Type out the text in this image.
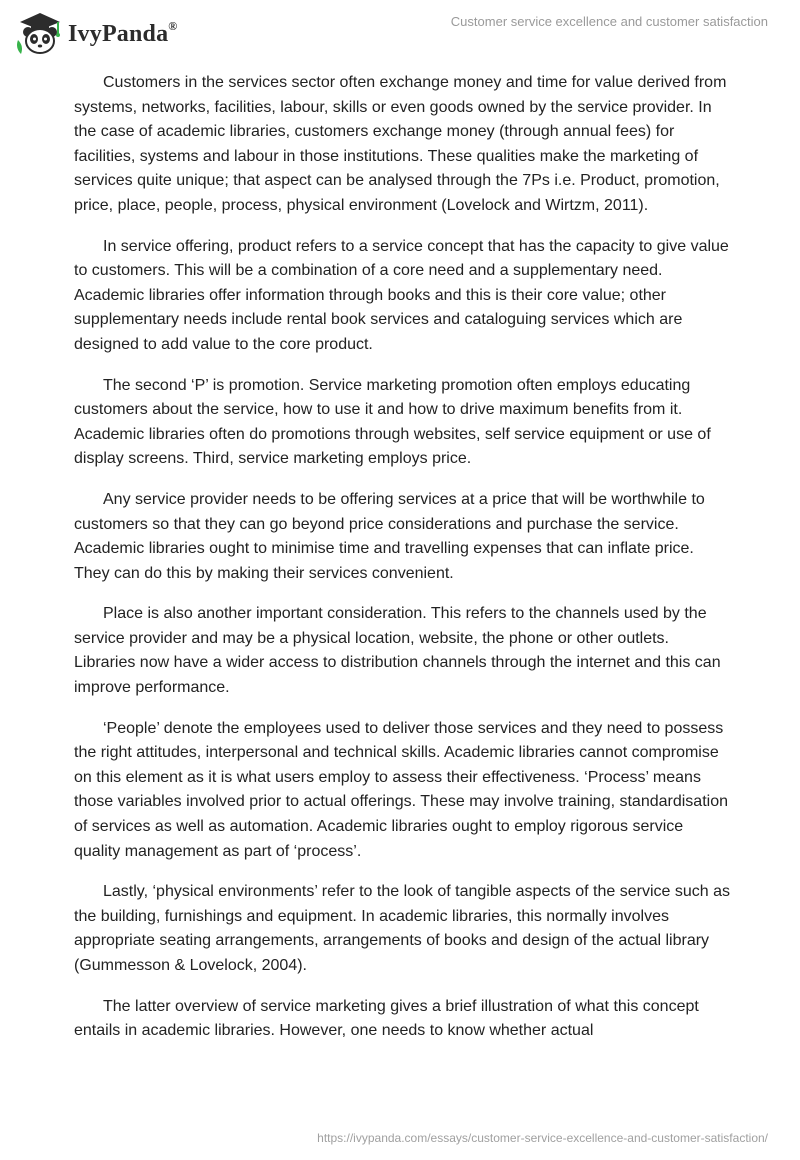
IvyPanda®	Customer service excellence and customer satisfaction

Customers in the services sector often exchange money and time for value derived from systems, networks, facilities, labour, skills or even goods owned by the service provider. In the case of academic libraries, customers exchange money (through annual fees) for facilities, systems and labour in those institutions. These qualities make the marketing of services quite unique; that aspect can be analysed through the 7Ps i.e. Product, promotion, price, place, people, process, physical environment (Lovelock and Wirtzm, 2011).

In service offering, product refers to a service concept that has the capacity to give value to customers. This will be a combination of a core need and a supplementary need. Academic libraries offer information through books and this is their core value; other supplementary needs include rental book services and cataloguing services which are designed to add value to the core product.

The second ‘P’ is promotion. Service marketing promotion often employs educating customers about the service, how to use it and how to drive maximum benefits from it. Academic libraries often do promotions through websites, self service equipment or use of display screens. Third, service marketing employs price.

Any service provider needs to be offering services at a price that will be worthwhile to customers so that they can go beyond price considerations and purchase the service. Academic libraries ought to minimise time and travelling expenses that can inflate price. They can do this by making their services convenient.

Place is also another important consideration. This refers to the channels used by the service provider and may be a physical location, website, the phone or other outlets. Libraries now have a wider access to distribution channels through the internet and this can improve performance.

‘People’ denote the employees used to deliver those services and they need to possess the right attitudes, interpersonal and technical skills. Academic libraries cannot compromise on this element as it is what users employ to assess their effectiveness. ‘Process’ means those variables involved prior to actual offerings. These may involve training, standardisation of services as well as automation. Academic libraries ought to employ rigorous service quality management as part of ‘process’.

Lastly, ‘physical environments’ refer to the look of tangible aspects of the service such as the building, furnishings and equipment. In academic libraries, this normally involves appropriate seating arrangements, arrangements of books and design of the actual library (Gummesson & Lovelock, 2004).

The latter overview of service marketing gives a brief illustration of what this concept entails in academic libraries. However, one needs to know whether actual

https://ivypanda.com/essays/customer-service-excellence-and-customer-satisfaction/
